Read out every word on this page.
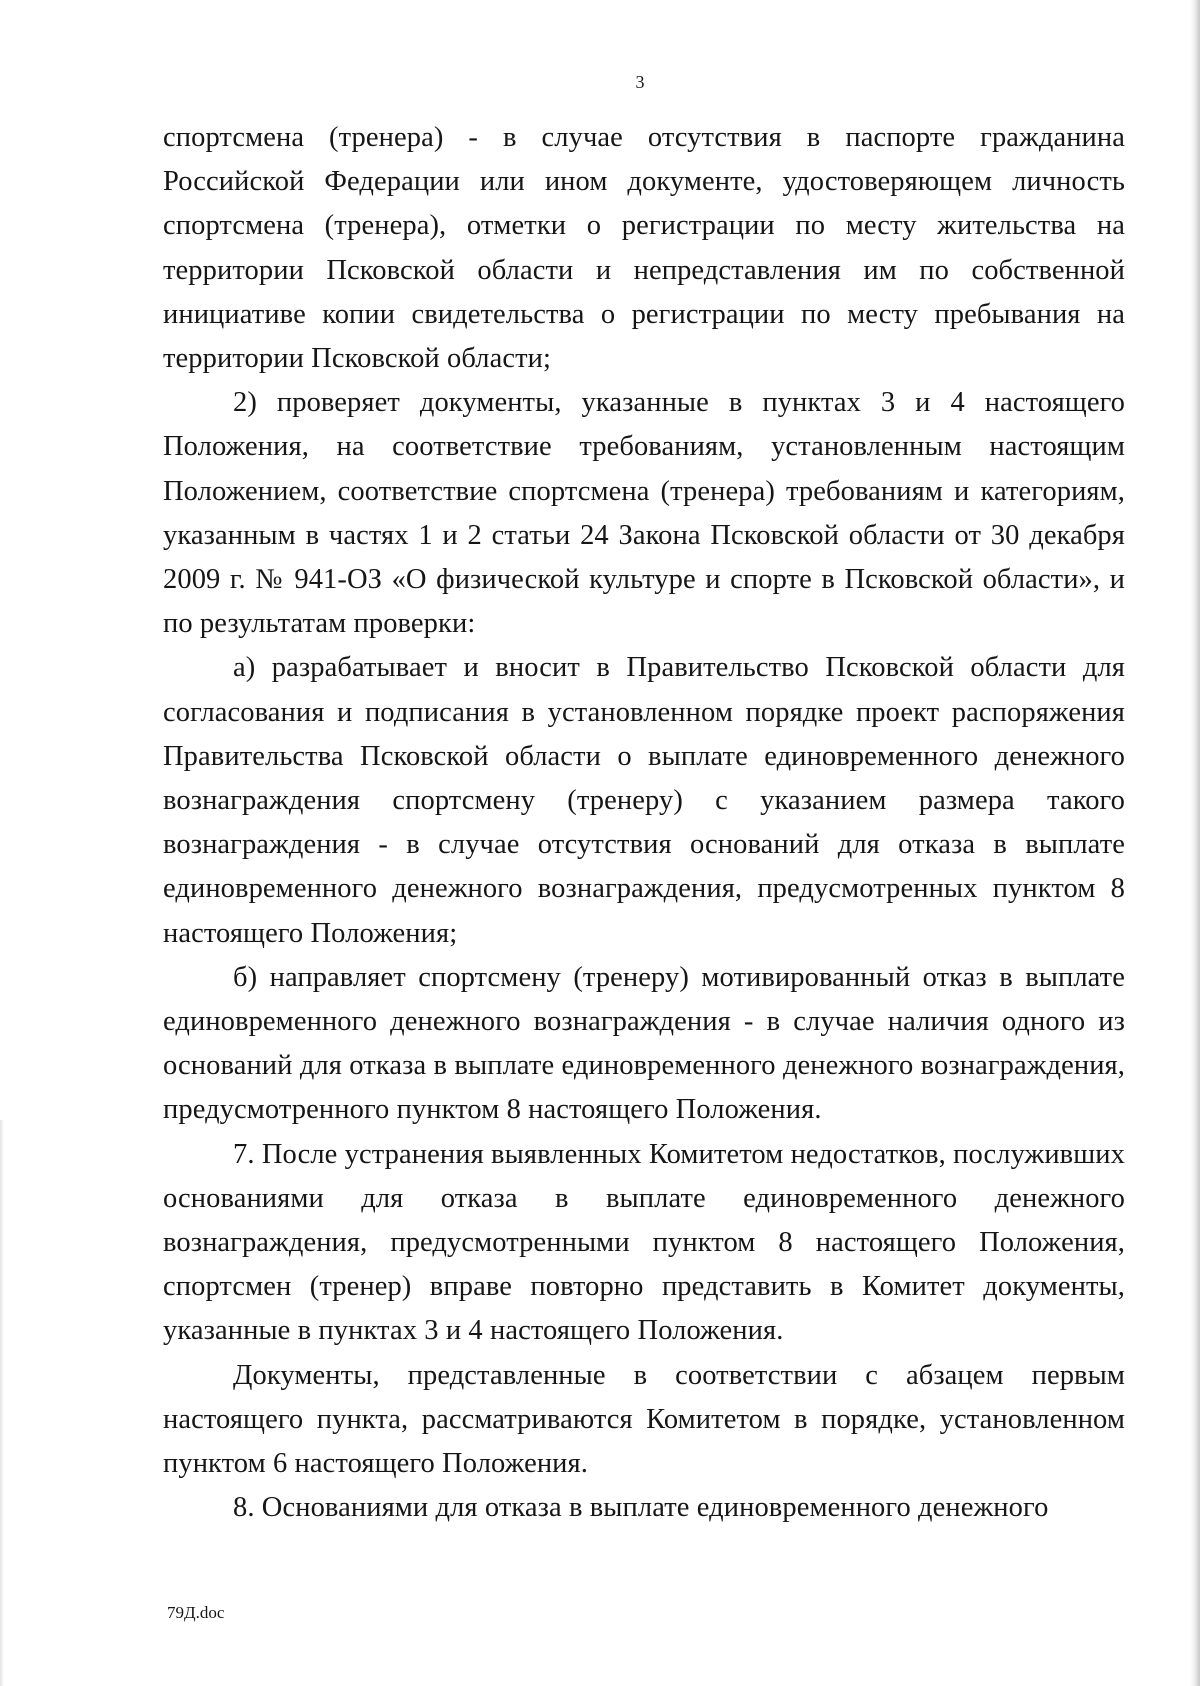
3

спортсмена (тренера) - в случае отсутствия в паспорте гражданина Российской Федерации или ином документе, удостоверяющем личность спортсмена (тренера), отметки о регистрации по месту жительства на территории Псковской области и непредставления им по собственной инициативе копии свидетельства о регистрации по месту пребывания на территории Псковской области;

2) проверяет документы, указанные в пунктах 3 и 4 настоящего Положения, на соответствие требованиям, установленным настоящим Положением, соответствие спортсмена (тренера) требованиям и категориям, указанным в частях 1 и 2 статьи 24 Закона Псковской области от 30 декабря 2009 г. № 941-ОЗ «О физической культуре и спорте в Псковской области», и по результатам проверки:

а) разрабатывает и вносит в Правительство Псковской области для согласования и подписания в установленном порядке проект распоряжения Правительства Псковской области о выплате единовременного денежного вознаграждения спортсмену (тренеру) с указанием размера такого вознаграждения - в случае отсутствия оснований для отказа в выплате единовременного денежного вознаграждения, предусмотренных пунктом 8 настоящего Положения;

б) направляет спортсмену (тренеру) мотивированный отказ в выплате единовременного денежного вознаграждения - в случае наличия одного из оснований для отказа в выплате единовременного денежного вознаграждения, предусмотренного пунктом 8 настоящего Положения.

7. После устранения выявленных Комитетом недостатков, послуживших основаниями для отказа в выплате единовременного денежного вознаграждения, предусмотренными пунктом 8 настоящего Положения, спортсмен (тренер) вправе повторно представить в Комитет документы, указанные в пунктах 3 и 4 настоящего Положения.

Документы, представленные в соответствии с абзацем первым настоящего пункта, рассматриваются Комитетом в порядке, установленном пунктом 6 настоящего Положения.

8. Основаниями для отказа в выплате единовременного денежного

79Д.doc
